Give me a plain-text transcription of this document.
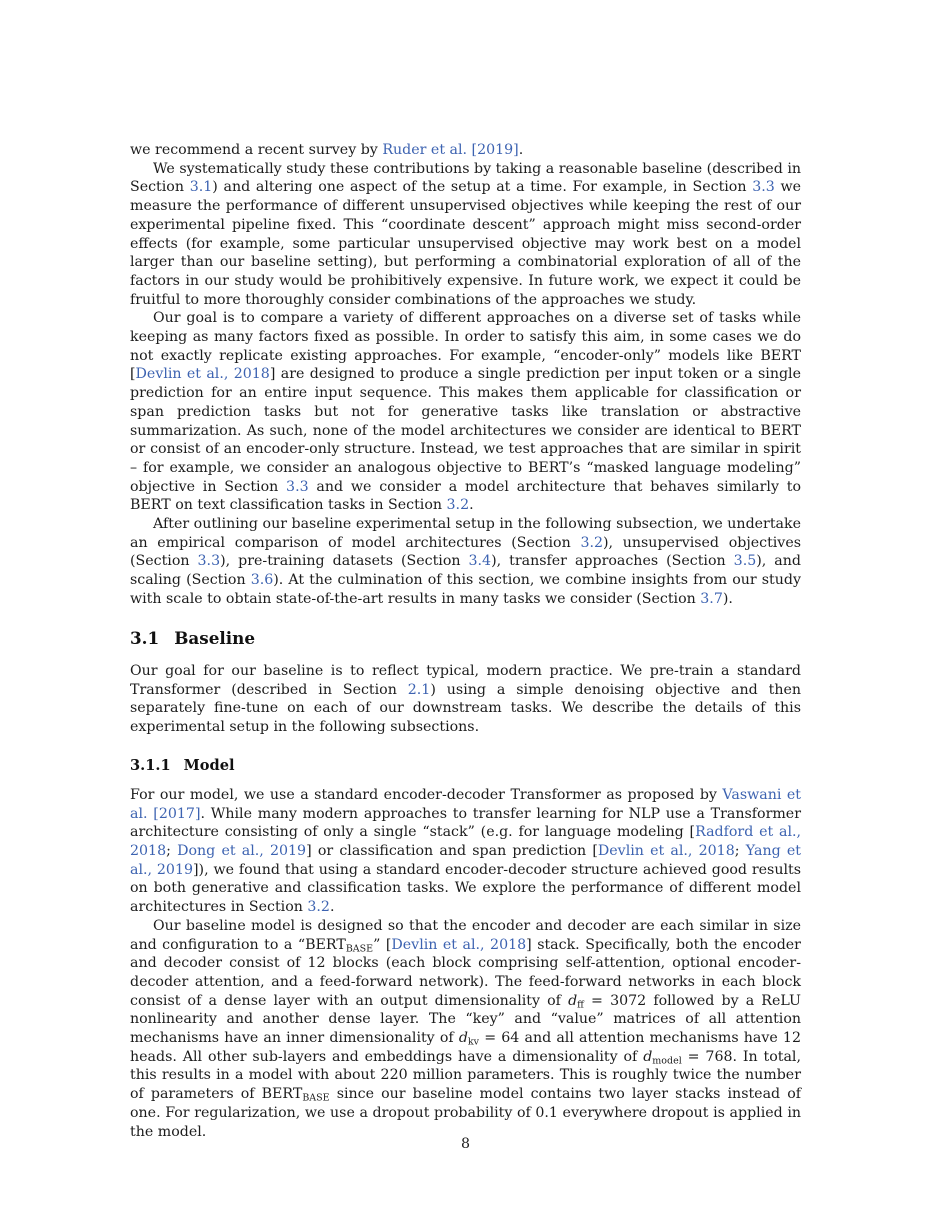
we recommend a recent survey by Ruder et al. [2019].

We systematically study these contributions by taking a reasonable baseline (described in Section 3.1) and altering one aspect of the setup at a time. For example, in Section 3.3 we measure the performance of different unsupervised objectives while keeping the rest of our experimental pipeline fixed. This “coordinate descent” approach might miss second-order effects (for example, some particular unsupervised objective may work best on a model larger than our baseline setting), but performing a combinatorial exploration of all of the factors in our study would be prohibitively expensive. In future work, we expect it could be fruitful to more thoroughly consider combinations of the approaches we study.

Our goal is to compare a variety of different approaches on a diverse set of tasks while keeping as many factors fixed as possible. In order to satisfy this aim, in some cases we do not exactly replicate existing approaches. For example, “encoder-only” models like BERT [Devlin et al., 2018] are designed to produce a single prediction per input token or a single prediction for an entire input sequence. This makes them applicable for classification or span prediction tasks but not for generative tasks like translation or abstractive summarization. As such, none of the model architectures we consider are identical to BERT or consist of an encoder-only structure. Instead, we test approaches that are similar in spirit – for example, we consider an analogous objective to BERT’s “masked language modeling” objective in Section 3.3 and we consider a model architecture that behaves similarly to BERT on text classification tasks in Section 3.2.

After outlining our baseline experimental setup in the following subsection, we undertake an empirical comparison of model architectures (Section 3.2), unsupervised objectives (Section 3.3), pre-training datasets (Section 3.4), transfer approaches (Section 3.5), and scaling (Section 3.6). At the culmination of this section, we combine insights from our study with scale to obtain state-of-the-art results in many tasks we consider (Section 3.7).

3.1 Baseline

Our goal for our baseline is to reflect typical, modern practice. We pre-train a standard Transformer (described in Section 2.1) using a simple denoising objective and then separately fine-tune on each of our downstream tasks. We describe the details of this experimental setup in the following subsections.

3.1.1 Model

For our model, we use a standard encoder-decoder Transformer as proposed by Vaswani et al. [2017]. While many modern approaches to transfer learning for NLP use a Transformer architecture consisting of only a single “stack” (e.g. for language modeling [Radford et al., 2018; Dong et al., 2019] or classification and span prediction [Devlin et al., 2018; Yang et al., 2019]), we found that using a standard encoder-decoder structure achieved good results on both generative and classification tasks. We explore the performance of different model architectures in Section 3.2.

Our baseline model is designed so that the encoder and decoder are each similar in size and configuration to a “$BERT_{BASE}$” [Devlin et al., 2018] stack. Specifically, both the encoder and decoder consist of 12 blocks (each block comprising self-attention, optional encoder-decoder attention, and a feed-forward network). The feed-forward networks in each block consist of a dense layer with an output dimensionality of $d_{ff} = 3072$ followed by a ReLU nonlinearity and another dense layer. The “key” and “value” matrices of all attention mechanisms have an inner dimensionality of $d_{kv} = 64$ and all attention mechanisms have 12 heads. All other sub-layers and embeddings have a dimensionality of $d_{model} = 768$. In total, this results in a model with about 220 million parameters. This is roughly twice the number of parameters of $BERT_{BASE}$ since our baseline model contains two layer stacks instead of one. For regularization, we use a dropout probability of 0.1 everywhere dropout is applied in the model.

8
